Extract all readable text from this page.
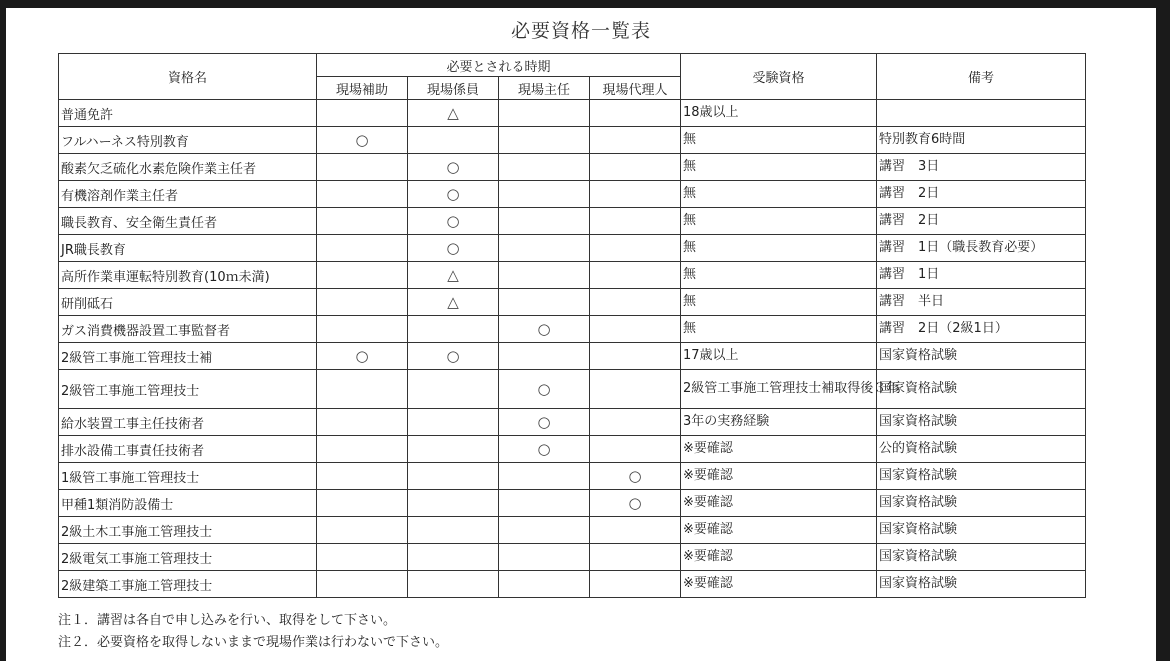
必要資格一覧表
資格名	必要とされる時期				受験資格	備考
	現場補助	現場係員	現場主任	現場代理人		
普通免許		△			18歳以上	
フルハーネス特別教育	○				無	特別教育6時間
酸素欠乏硫化水素危険作業主任者		○			無	講習　3日
有機溶剤作業主任者		○			無	講習　2日
職長教育、安全衛生責任者		○			無	講習　2日
JR職長教育		○			無	講習　1日（職長教育必要）
高所作業車運転特別教育(10ｍ未満)		△			無	講習　1日
研削砥石		△			無	講習　半日
ガス消費機器設置工事監督者			○		無	講習　2日（2級1日）
2級管工事施工管理技士補	○	○			17歳以上	国家資格試験
2級管工事施工管理技士			○		2級管工事施工管理技士補取得後３年	国家資格試験
給水装置工事主任技術者			○		3年の実務経験	国家資格試験
排水設備工事責任技術者			○		※要確認	公的資格試験
1級管工事施工管理技士				○	※要確認	国家資格試験
甲種1類消防設備士				○	※要確認	国家資格試験
2級土木工事施工管理技士					※要確認	国家資格試験
2級電気工事施工管理技士					※要確認	国家資格試験
2級建築工事施工管理技士					※要確認	国家資格試験
注１．講習は各自で申し込みを行い、取得をして下さい。
注２．必要資格を取得しないままで現場作業は行わないで下さい。
